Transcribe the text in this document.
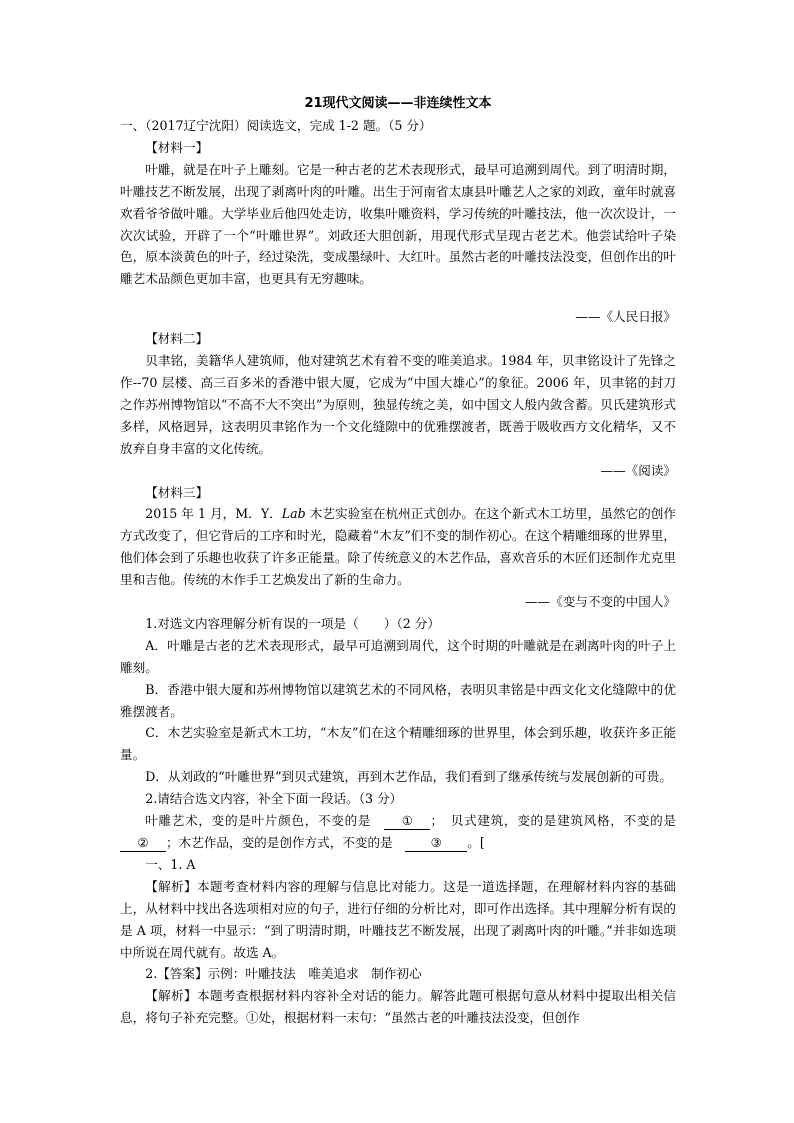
21现代文阅读——非连续性文本
一、（2017辽宁沈阳）阅读选文，完成 1-2 题。（5 分）
【材料一】
叶雕，就是在叶子上雕刻。它是一种古老的艺术表现形式，最早可追溯到周代。到了明清时期，叶雕技艺不断发展，出现了剥离叶肉的叶雕。出生于河南省太康县叶雕艺人之家的刘政，童年时就喜欢看爷爷做叶雕。大学毕业后他四处走访，收集叶雕资料，学习传统的叶雕技法，他一次次设计，一次次试验，开辟了一个“叶雕世界”。刘政还大胆创新，用现代形式呈现古老艺术。他尝试给叶子染色，原本淡黄色的叶子，经过染洗，变成墨绿叶、大红叶。虽然古老的叶雕技法没变，但创作出的叶雕艺术品颜色更加丰富，也更具有无穷趣味。
——《人民日报》
【材料二】
贝聿铭，美籍华人建筑师，他对建筑艺术有着不变的唯美追求。1984 年，贝聿铭设计了先锋之作--70 层楼、高三百多米的香港中银大厦，它成为“中国大雄心”的象征。2006 年，贝聿铭的封刀之作苏州博物馆以“不高不大不突出”为原则，独显传统之美，如中国文人般内敛含蓄。贝氏建筑形式多样，风格迥异，这表明贝聿铭作为一个文化缝隙中的优雅摆渡者，既善于吸收西方文化精华，又不放弃自身丰富的文化传统。
——《阅读》
【材料三】
2015 年 1 月，M．Y．Lab 木艺实验室在杭州正式创办。在这个新式木工坊里，虽然它的创作方式改变了，但它背后的工序和时光，隐藏着“木友”们不变的制作初心。在这个精雕细琢的世界里，他们体会到了乐趣也收获了许多正能量。除了传统意义的木艺作品，喜欢音乐的木匠们还制作尤克里里和吉他。传统的木作手工艺焕发出了新的生命力。
——《变与不变的中国人》
1.对选文内容理解分析有误的一项是（　　）（2 分）
A．叶雕是古老的艺术表现形式，最早可追溯到周代，这个时期的叶雕就是在剥离叶肉的叶子上雕刻。
B．香港中银大厦和苏州博物馆以建筑艺术的不同风格，表明贝聿铭是中西文化文化缝隙中的优雅摆渡者。
C．木艺实验室是新式木工坊，“木友”们在这个精雕细琢的世界里，体会到乐趣，收获许多正能量。
D．从刘政的“叶雕世界”到贝式建筑，再到木艺作品，我们看到了继承传统与发展创新的可贵。
2.请结合选文内容，补全下面一段话。（3 分）
叶雕艺术，变的是叶片颜色，不变的是　① ；　贝式建筑，变的是建筑风格，不变的是　② ；木艺作品，变的是创作方式，不变的是　③ 。[
一、1. A
【解析】本题考查材料内容的理解与信息比对能力。这是一道选择题，在理解材料内容的基础上，从材料中找出各选项相对应的句子，进行仔细的分析比对，即可作出选择。其中理解分析有误的是 A 项，材料一中显示：“到了明清时期，叶雕技艺不断发展，出现了剥离叶肉的叶雕。”并非如选项中所说在周代就有。故选 A。
2.【答案】示例：叶雕技法　唯美追求　制作初心
【解析】本题考查根据材料内容补全对话的能力。解答此题可根据句意从材料中提取出相关信息，将句子补充完整。①处，根据材料一末句：“虽然古老的叶雕技法没变，但创作
